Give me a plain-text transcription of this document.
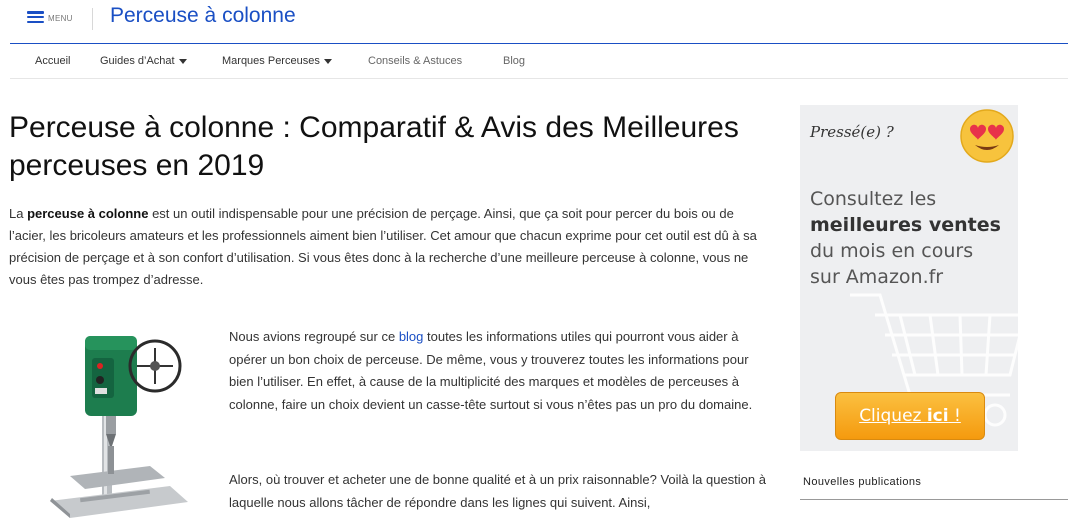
MENU Perceuse à colonne
Accueil	Guides d’Achat	Marques Perceuses	Conseils & Astuces	Blog
Perceuse à colonne : Comparatif & Avis des Meilleures perceuses en 2019

La perceuse à colonne est un outil indispensable pour une précision de perçage. Ainsi, que ça soit pour percer du bois ou de l’acier, les bricoleurs amateurs et les professionnels aiment bien l’utiliser. Cet amour que chacun exprime pour cet outil est dû à sa précision de perçage et à son confort d’utilisation. Si vous êtes donc à la recherche d’une meilleure perceuse à colonne, vous ne vous êtes pas trompez d’adresse.

Nous avions regroupé sur ce blog toutes les informations utiles qui pourront vous aider à opérer un bon choix de perceuse. De même, vous y trouverez toutes les informations pour bien l’utiliser. En effet, à cause de la multiplicité des marques et modèles de perceuses à colonne, faire un choix devient un casse-tête surtout si vous n’êtes pas un pro du domaine.

Alors, où trouver et acheter une de bonne qualité et à un prix raisonnable? Voilà la question à laquelle nous allons tâcher de répondre dans les lignes qui suivent. Ainsi,

Pressé(e) ?
Consultez les
meilleures ventes
du mois en cours
sur Amazon.fr
Cliquez ici !
Nouvelles publications
